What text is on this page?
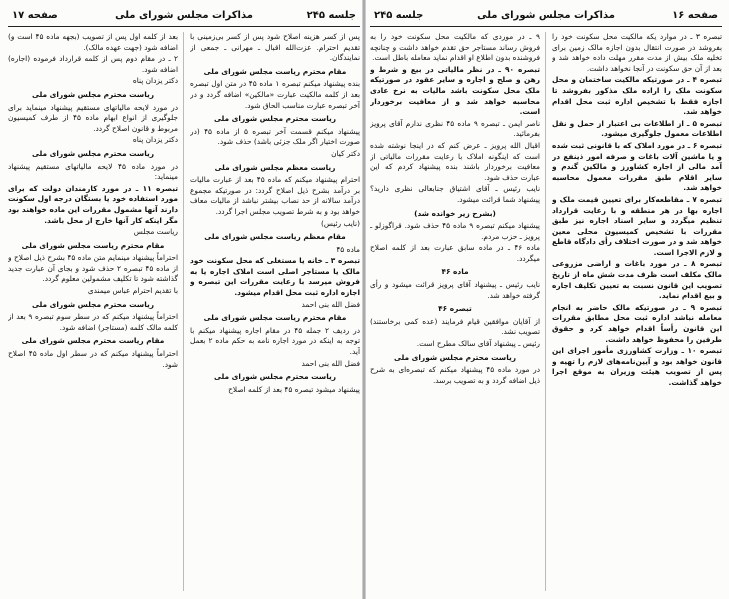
صفحه ۱۶
مذاکرات مجلس شورای ملی
جلسه ۲۴۵

تبصره ۳ ـ در موارد یکه مالکیت محل سکونت خود را بفروشد در صورت انتقال بدون اجازه مالک زمین برای تخلیه ملک بیش از مدت مقرر مهلت داده خواهد شد و بعد از آن حق سکونت در آنجا نخواهد داشت.

تبصره ۴ ـ در صورتیکه مالکیت ساختمان و محل سکونت ملک را اراده ملک مذکور بفروشد تا اجازه فقط با تشخیص اداره ثبت محل اقدام خواهد شد.

تبصره ۵ ـ از اطلاعات بی اعتبار از حمل و نقل اطلاعات معمول جلوگیری میشود.

تبصره ۶ ـ در مورد املاک که با قانونی ثبت شده و یا ماشین آلات باغات و صرفه امور ذینفع در آمد مالی از اجاره کشاورز و مالکین گندم و سایر اقلام طبق مقررات معمول محاسبه خواهد شد.

تبصره ۷ ـ مقاطعه‌کار برای تعیین قیمت ملک و اجاره بها در هر منطقه و با رعایت قرارداد تنظیم میگردد و سایر اسناد اجاره نیز طبق مقررات با تشخیص کمیسیون محلی معین خواهد شد و در صورت اختلاف رأی دادگاه قاطع و لازم الاجرا است.

تبصره ۸ ـ در مورد باغات و اراضی مزروعی مالک مکلف است ظرف مدت شش ماه از تاریخ تصویب این قانون نسبت به تعیین تکلیف اجاره و بیع اقدام نماید.

تبصره ۹ ـ در صورتیکه مالک حاضر به انجام معامله نباشد اداره ثبت محل مطابق مقررات این قانون رأساً اقدام خواهد کرد و حقوق طرفین را محفوظ خواهد داشت.

تبصره ۱۰ ـ وزارت کشاورزی مأمور اجرای این قانون خواهد بود و آیین‌نامه‌های لازم را تهیه و پس از تصویب هیئت وزیران به موقع اجرا خواهد گذاشت.

۹ ـ در موردی که مالکیت محل سکونت خود را به فروش رساند مستاجر حق تقدم خواهد داشت و چنانچه فروشنده بدون اطلاع او اقدام نماید معامله باطل است.

تبصره ۹۰ ـ در نظر مالیاتی در بیع و شرط و رهن و صلح و اجاره و سایر عقود در صورتیکه ملک محل سکونت باشد مالیات به نرخ عادی محاسبه خواهد شد و از معافیت برخوردار است.

ناصر ایمن ـ تبصره ۹ ماده ۴۵ نظری ندارم آقای پرویز بفرمائید.

اقبال الله پرویز ـ عرض کنم که در اینجا نوشته شده است که اینگونه املاک با رعایت مقررات مالیاتی از معافیت برخوردار باشند بنده پیشنهاد کردم که این عبارت حذف شود.

نایب رئیس ـ آقای اشتیاق جنابعالی نظری دارید؟ پیشنهاد شما قرائت میشود.

(بشرح زیر خوانده شد)

پیشنهاد میکنم تبصره ۹ ماده ۴۵ حذف شود. قراگوزلو ـ پرویز ـ حزب مردم.

ماده ۴۶ ـ در ماده سابق عبارت بعد از کلمه اصلاح میگردد.

ماده ۴۶

نایب رئیس ـ پیشنهاد آقای پرویز قرائت میشود و رأی گرفته خواهد شد.

تبصره ۴۶

از آقایان موافقین قیام فرمایند (عده کمی برخاستند) تصویب نشد.

رئیس ـ پیشنهاد آقای سالک مطرح است.

ریاست محترم مجلس شورای ملی

در مورد ماده ۴۵ پیشنهاد میکنم که تبصره‌ای به شرح ذیل اضافه گردد و به تصویب برسد.

جلسه ۲۴۵
مذاکرات مجلس شورای ملی
صفحه ۱۷

پس از کسر هزینه اصلاح شود پس از کسر بی‌زمینی با تقدیم احترام. عزت‌الله اقبال ـ مهرانی ـ جمعی از نمایندگان.

مقام محترم ریاست مجلس شورای ملی

بنده پیشنهاد میکنم تبصره ۱ ماده ۴۵ در متن اول تبصره بعد از کلمه مالکیت عبارت «مالکین» اضافه گردد و در آخر تبصره عبارت مناسب الحاق شود.

ریاست محترم مجلس شورای ملی

پیشنهاد میکنم قسمت آخر تبصره ۵ از ماده ۴۵ (در صورت اختیار اگر ملک جزئی باشد) حذف شود.

دکتر کیان

ریاست معظم مجلس شورای ملی

احترام پیشنهاد میکنم که ماده ۴۵ بعد از عبارت مالیات بر درآمد بشرح ذیل اصلاح گردد: در صورتیکه مجموع درآمد سالانه از حد نصاب بیشتر نباشد از مالیات معاف خواهد بود و به شرط تصویب مجلس اجرا گردد.

(نایب رئیس)

مقام معظم ریاست مجلس شورای ملی

ماده ۴۵

تبصره ۳ ـ خانه یا مستغلی که محل سکونت خود مالک یا مستاجر اصلی است املاک اجاره یا به فروش میرسد با رعایت مقررات این تبصره و اجازه اداره ثبت محل اقدام میشود.

فضل الله بنی احمد

مقام محترم ریاست مجلس شورای ملی

در ردیف ۲ جمله ۴۵ در مقام اجاره پیشنهاد میکنم با توجه به اینکه در مورد اجاره نامه به حکم ماده ۲ بعمل آید.

فضل الله بنی احمد

ریاست محترم مجلس شورای ملی

پیشنهاد میشود تبصره ۴۵ بعد از کلمه اصلاح

بعد از کلمه اول پس از تصویب (بجهه ماده ۴۵ است و) اضافه شود (جهت عهده مالک).

۲ ـ در مقام دوم پس از کلمه قرارداد فرموده (اجاره) اضافه شود.

دکتر یزدان پناه

ریاست محترم مجلس شورای ملی

در مورد لایحه مالیاتهای مستقیم پیشنهاد مینماید برای جلوگیری از انواع ابهام ماده ۴۵ از طرف کمیسیون مربوط و قانون اصلاح گردد.

دکتر یزدان پناه

ریاست محترم مجلس شورای ملی

در مورد ماده ۴۵ لایحه مالیاتهای مستقیم پیشنهاد مینماید:

تبصره ۱۱ ـ در مورد کارمندان دولت که برای مورد استفاده خود یا بستگان درجه اول سکونت دارند آنها مشمول مقررات این ماده خواهند بود مگر اینکه کار آنها خارج از محل باشد.

ریاست مجلس

مقام محترم ریاست مجلس شورای ملی

احتراماً پیشنهاد مینمایم متن ماده ۴۵ بشرح ذیل اصلاح و از ماده ۴۵ تبصره ۲ حذف شود و بجای آن عبارت جدید گذاشته شود تا تکلیف مشمولین معلوم گردد.

با تقدیم احترام عباس میمندی

ریاست محترم مجلس شورای ملی

احتراماً پیشنهاد میکنم که در سطر سوم تبصره ۹ بعد از کلمه مالک کلمه (مستاجر) اضافه شود.

مقام ریاست محترم مجلس شورای ملی

احتراماً پیشنهاد میکنم که در سطر اول ماده ۴۵ اصلاح شود.
